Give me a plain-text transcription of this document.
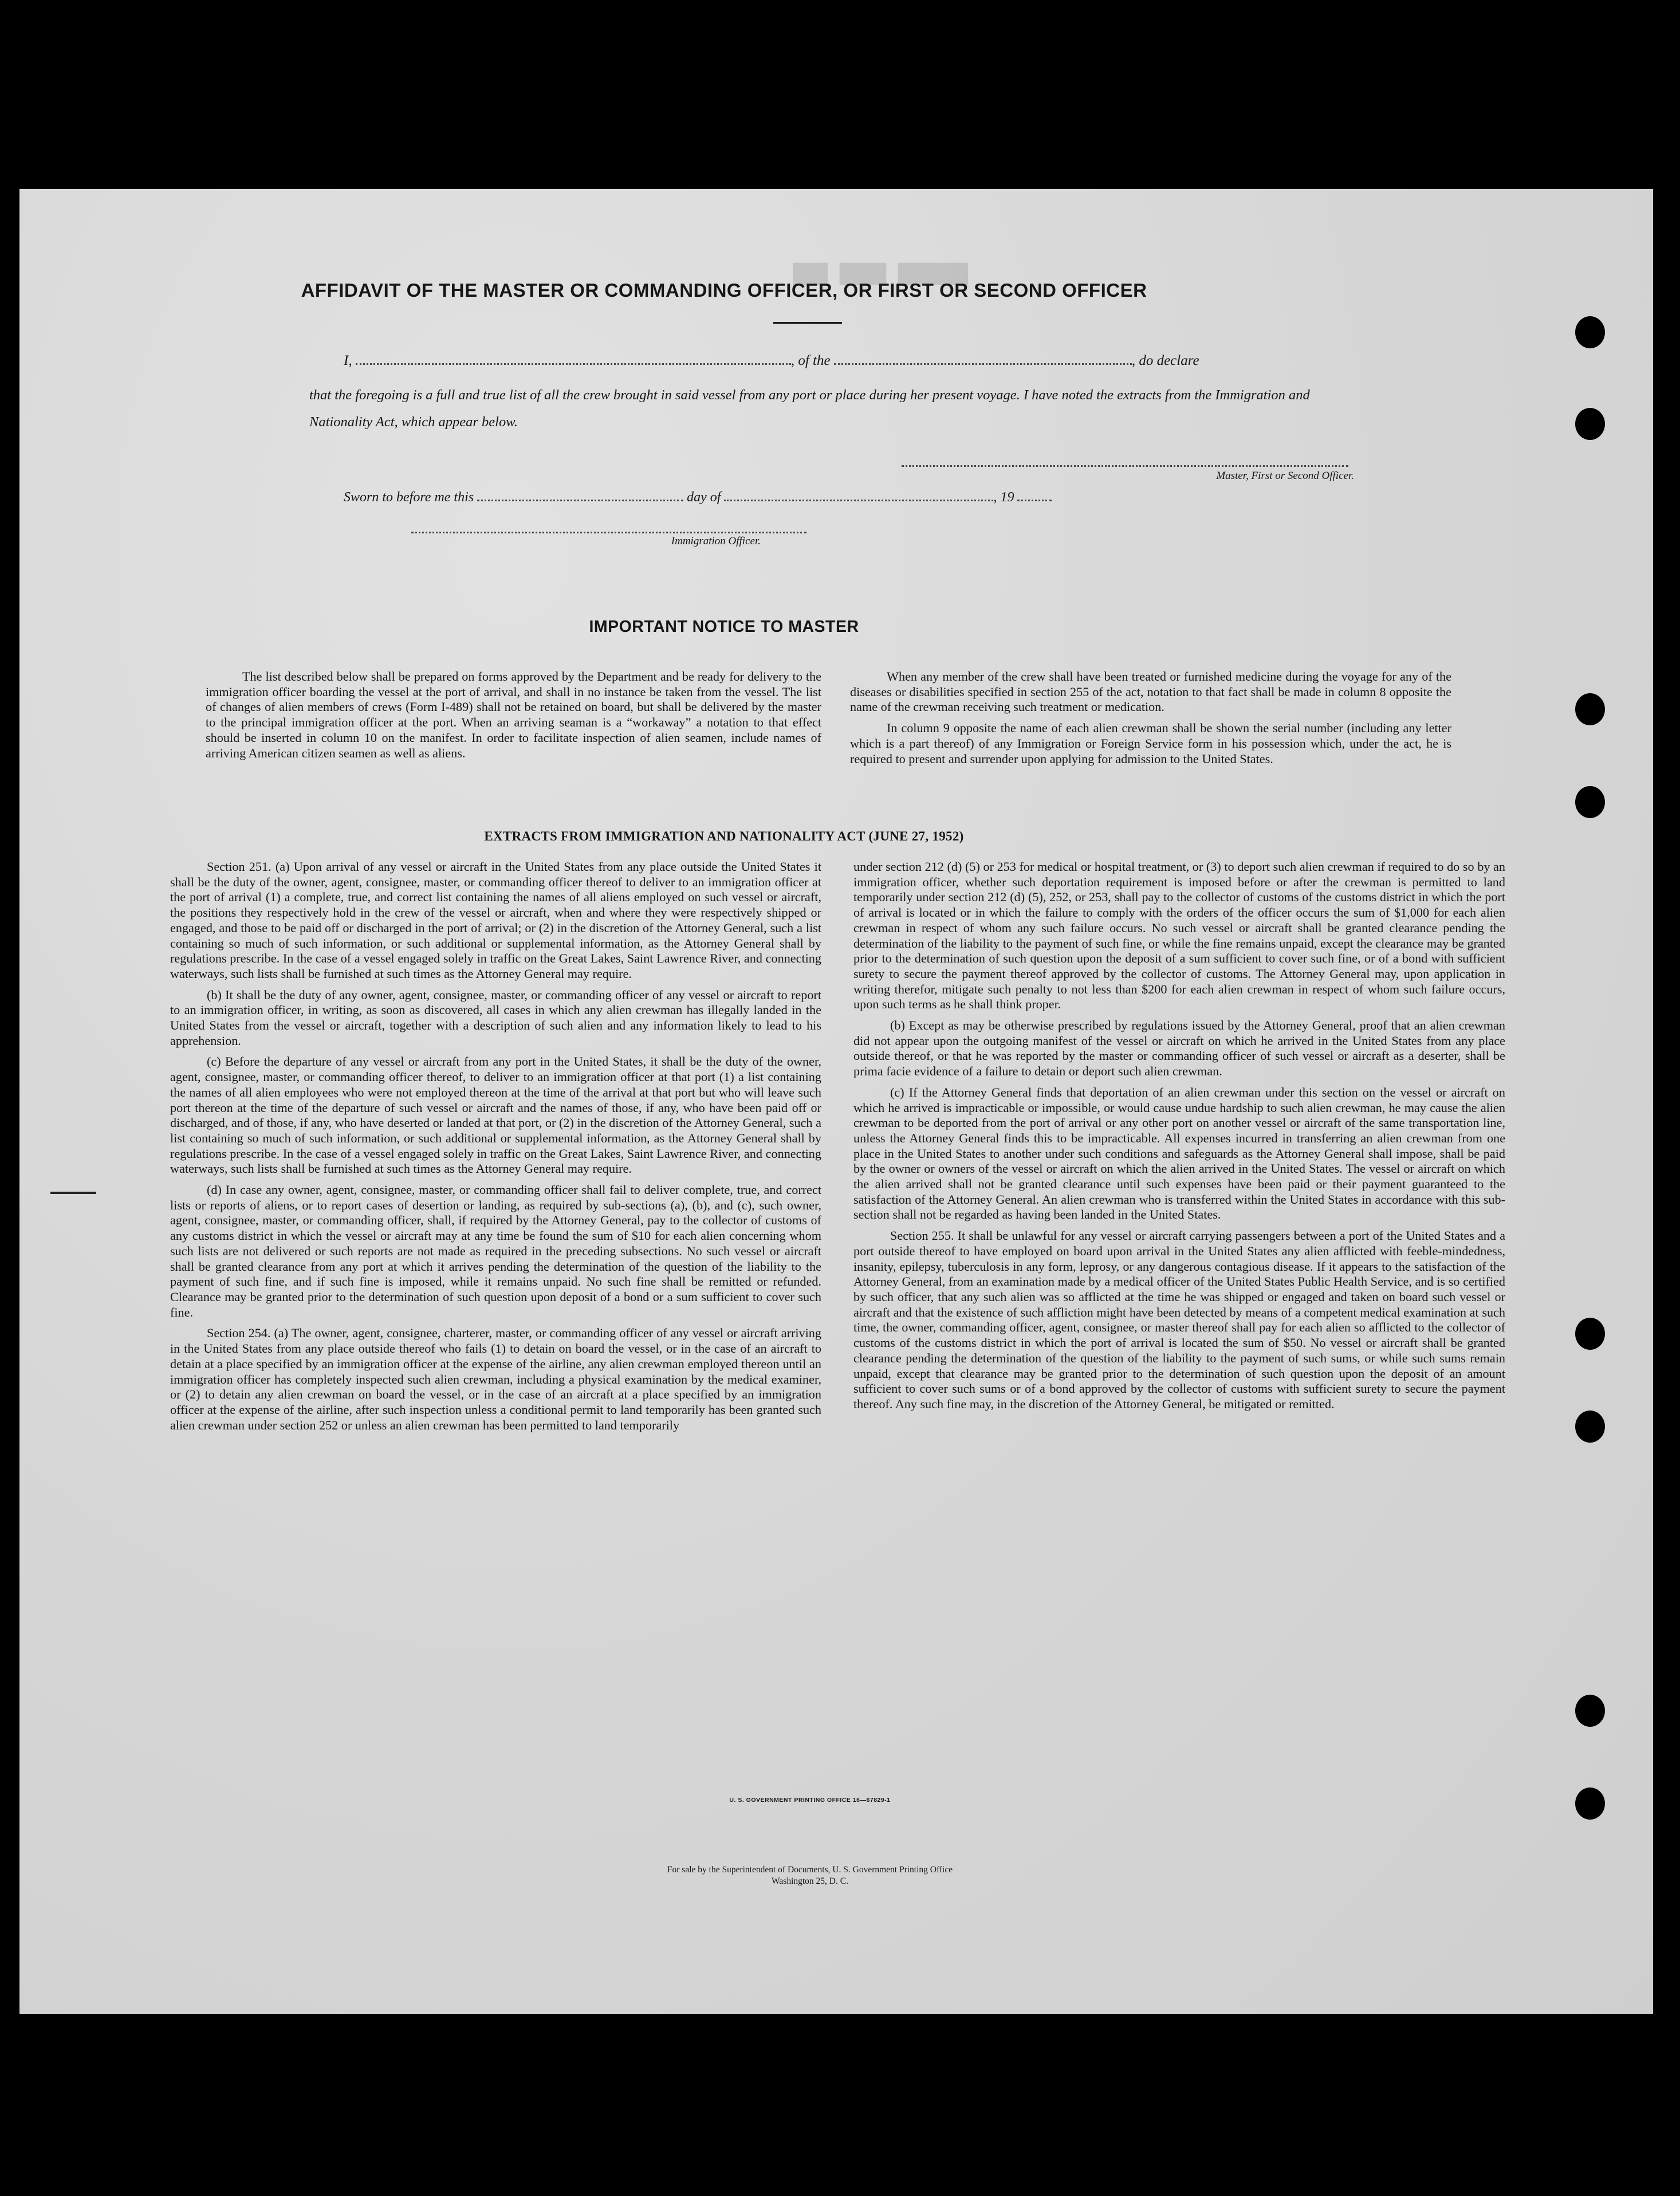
███ ████ ██████
AFFIDAVIT OF THE MASTER OR COMMANDING OFFICER, OR FIRST OR SECOND OFFICER
I,	, of the	, do declare
that the foregoing is a full and true list of all the crew brought in said vessel from any port or place during her present voyage. I have noted the extracts from the Immigration and Nationality Act, which appear below.
Master, First or Second Officer.
Sworn to before me this	day of	, 19
Immigration Officer.
IMPORTANT NOTICE TO MASTER

The list described below shall be prepared on forms approved by the Department and be ready for delivery to the immigration officer boarding the vessel at the port of arrival, and shall in no instance be taken from the vessel. The list of changes of alien members of crews (Form I-489) shall not be retained on board, but shall be delivered by the master to the principal immigration officer at the port. When an arriving seaman is a “workaway” a notation to that effect should be inserted in column 10 on the manifest. In order to facilitate inspection of alien seamen, include names of arriving American citizen seamen as well as aliens.

When any member of the crew shall have been treated or furnished medicine during the voyage for any of the diseases or disabilities specified in section 255 of the act, notation to that fact shall be made in column 8 opposite the name of the crewman receiving such treatment or medication.

In column 9 opposite the name of each alien crewman shall be shown the serial number (including any letter which is a part thereof) of any Immigration or Foreign Service form in his possession which, under the act, he is required to present and surrender upon applying for admission to the United States.

EXTRACTS FROM IMMIGRATION AND NATIONALITY ACT (JUNE 27, 1952)

Section 251. (a) Upon arrival of any vessel or aircraft in the United States from any place outside the United States it shall be the duty of the owner, agent, consignee, master, or commanding officer thereof to deliver to an immigration officer at the port of arrival (1) a complete, true, and correct list containing the names of all aliens employed on such vessel or aircraft, the positions they respectively hold in the crew of the vessel or aircraft, when and where they were respectively shipped or engaged, and those to be paid off or discharged in the port of arrival; or (2) in the discretion of the Attorney General, such a list containing so much of such information, or such additional or supplemental information, as the Attorney General shall by regulations prescribe. In the case of a vessel engaged solely in traffic on the Great Lakes, Saint Lawrence River, and connecting waterways, such lists shall be furnished at such times as the Attorney General may require.

(b) It shall be the duty of any owner, agent, consignee, master, or commanding officer of any vessel or aircraft to report to an immigration officer, in writing, as soon as discovered, all cases in which any alien crewman has illegally landed in the United States from the vessel or aircraft, together with a description of such alien and any information likely to lead to his apprehension.

(c) Before the departure of any vessel or aircraft from any port in the United States, it shall be the duty of the owner, agent, consignee, master, or commanding officer thereof, to deliver to an immigration officer at that port (1) a list containing the names of all alien employees who were not employed thereon at the time of the arrival at that port but who will leave such port thereon at the time of the departure of such vessel or aircraft and the names of those, if any, who have been paid off or discharged, and of those, if any, who have deserted or landed at that port, or (2) in the discretion of the Attorney General, such a list containing so much of such information, or such additional or supplemental information, as the Attorney General shall by regulations prescribe. In the case of a vessel engaged solely in traffic on the Great Lakes, Saint Lawrence River, and connecting waterways, such lists shall be furnished at such times as the Attorney General may require.

(d) In case any owner, agent, consignee, master, or commanding officer shall fail to deliver complete, true, and correct lists or reports of aliens, or to report cases of desertion or landing, as required by sub-sections (a), (b), and (c), such owner, agent, consignee, master, or commanding officer, shall, if required by the Attorney General, pay to the collector of customs of any customs district in which the vessel or aircraft may at any time be found the sum of $10 for each alien concerning whom such lists are not delivered or such reports are not made as required in the preceding subsections. No such vessel or aircraft shall be granted clearance from any port at which it arrives pending the determination of the question of the liability to the payment of such fine, and if such fine is imposed, while it remains unpaid. No such fine shall be remitted or refunded. Clearance may be granted prior to the determination of such question upon deposit of a bond or a sum sufficient to cover such fine.

Section 254. (a) The owner, agent, consignee, charterer, master, or commanding officer of any vessel or aircraft arriving in the United States from any place outside thereof who fails (1) to detain on board the vessel, or in the case of an aircraft to detain at a place specified by an immigration officer at the expense of the airline, any alien crewman employed thereon until an immigration officer has completely inspected such alien crewman, including a physical examination by the medical examiner, or (2) to detain any alien crewman on board the vessel, or in the case of an aircraft at a place specified by an immigration officer at the expense of the airline, after such inspection unless a conditional permit to land temporarily has been granted such alien crewman under section 252 or unless an alien crewman has been permitted to land temporarily

under section 212 (d) (5) or 253 for medical or hospital treatment, or (3) to deport such alien crewman if required to do so by an immigration officer, whether such deportation requirement is imposed before or after the crewman is permitted to land temporarily under section 212 (d) (5), 252, or 253, shall pay to the collector of customs of the customs district in which the port of arrival is located or in which the failure to comply with the orders of the officer occurs the sum of $1,000 for each alien crewman in respect of whom any such failure occurs. No such vessel or aircraft shall be granted clearance pending the determination of the liability to the payment of such fine, or while the fine remains unpaid, except the clearance may be granted prior to the determination of such question upon the deposit of a sum sufficient to cover such fine, or of a bond with sufficient surety to secure the payment thereof approved by the collector of customs. The Attorney General may, upon application in writing therefor, mitigate such penalty to not less than $200 for each alien crewman in respect of whom such failure occurs, upon such terms as he shall think proper.

(b) Except as may be otherwise prescribed by regulations issued by the Attorney General, proof that an alien crewman did not appear upon the outgoing manifest of the vessel or aircraft on which he arrived in the United States from any place outside thereof, or that he was reported by the master or commanding officer of such vessel or aircraft as a deserter, shall be prima facie evidence of a failure to detain or deport such alien crewman.

(c) If the Attorney General finds that deportation of an alien crewman under this section on the vessel or aircraft on which he arrived is impracticable or impossible, or would cause undue hardship to such alien crewman, he may cause the alien crewman to be deported from the port of arrival or any other port on another vessel or aircraft of the same transportation line, unless the Attorney General finds this to be impracticable. All expenses incurred in transferring an alien crewman from one place in the United States to another under such conditions and safeguards as the Attorney General shall impose, shall be paid by the owner or owners of the vessel or aircraft on which the alien arrived in the United States. The vessel or aircraft on which the alien arrived shall not be granted clearance until such expenses have been paid or their payment guaranteed to the satisfaction of the Attorney General. An alien crewman who is transferred within the United States in accordance with this sub-section shall not be regarded as having been landed in the United States.

Section 255. It shall be unlawful for any vessel or aircraft carrying passengers between a port of the United States and a port outside thereof to have employed on board upon arrival in the United States any alien afflicted with feeble-mindedness, insanity, epilepsy, tuberculosis in any form, leprosy, or any dangerous contagious disease. If it appears to the satisfaction of the Attorney General, from an examination made by a medical officer of the United States Public Health Service, and is so certified by such officer, that any such alien was so afflicted at the time he was shipped or engaged and taken on board such vessel or aircraft and that the existence of such affliction might have been detected by means of a competent medical examination at such time, the owner, commanding officer, agent, consignee, or master thereof shall pay for each alien so afflicted to the collector of customs of the customs district in which the port of arrival is located the sum of $50. No vessel or aircraft shall be granted clearance pending the determination of the question of the liability to the payment of such sums, or while such sums remain unpaid, except that clearance may be granted prior to the determination of such question upon the deposit of an amount sufficient to cover such sums or of a bond approved by the collector of customs with sufficient surety to secure the payment thereof. Any such fine may, in the discretion of the Attorney General, be mitigated or remitted.

U. S. GOVERNMENT PRINTING OFFICE 16—67829-1
For sale by the Superintendent of Documents, U. S. Government Printing Office
Washington 25, D. C.
